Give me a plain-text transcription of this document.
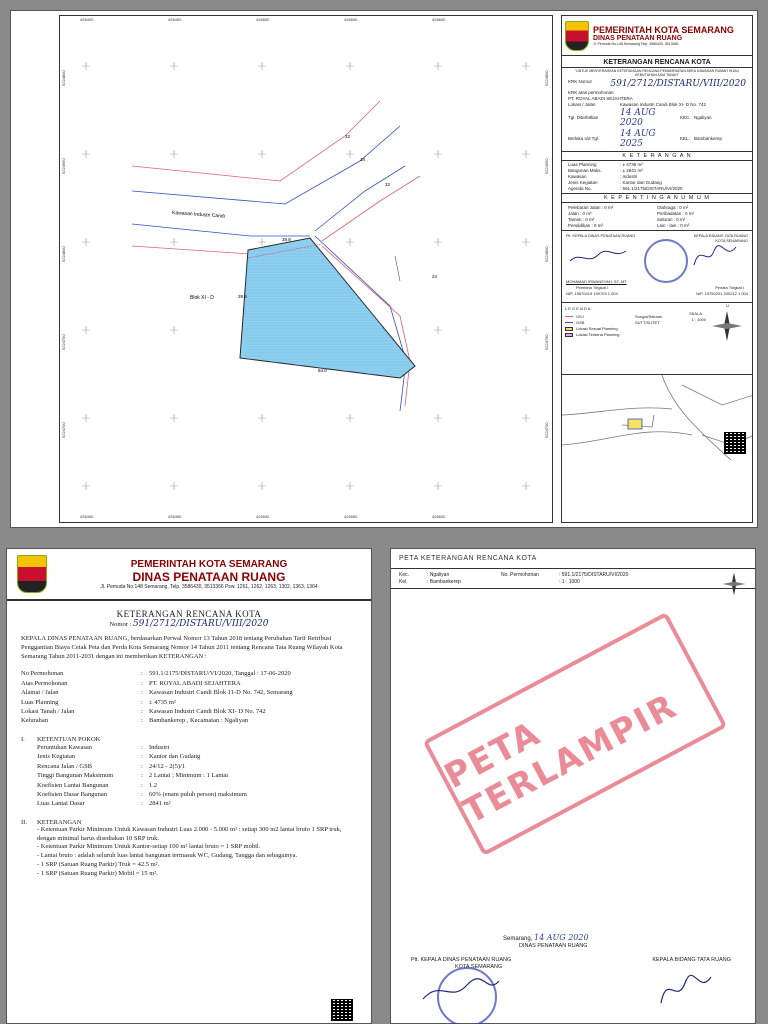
Kawasan Industri Candi
Blok XI - D
32
34
32
39.6
39.8
94.0
24
426400	426450	426500	426550	426600
426400	426450	426500	426550	426600
9224800
9224950
9224800
9224750
9224700
9224800
9224950
9224800
9224750
9224700
PEMERINTAH KOTA SEMARANG
DINAS PENATAAN RUANG
Jl. Pemuda No.148 Semarang Telp. 3586430, 3513366
KETERANGAN RENCANA KOTA
"UNTUK MENYERAHKAN KETERANGAN RENCANA PEMANFAATAN AREA KAWASAN RUMAH HIJAU KEBUTUHAN ASIA TANAH"
KRK Nomor	591/2712/DISTARU/VIII/2020
KRK atas permohonan
PT. ROYAL ABADI SEJAHTERA
Lokasi / Jalan	Kawasan Industri Candi Blok XI- D No. 742
Tgl. Diterbitkan	14 AUG 2020	KEC. Ngaliyan
Berlaku s/d Tgl.	14 AUG 2025	KEL. Bambankerep
K E T E R A N G A N
Luas Planning	: ± 4735 m²
Bangunan Maks.	: ± 2841 m²
Kawasan	: Industri
Jenis Kegiatan	: Kantor dan Gudang
Agenda No.	: 591.1/2175/DISTARU/VI/2020
K E P E N T I N G A N U M U M
Pelebaran Jalan : 0 m²	Olahraga : 0 m²
Jalan : 0 m²	Peribadatan : 0 m²
Taman : 0 m²	Saluran : 0 m²
Pendidikan : 0 m²	Lain - lain : 0 m²
Plt. KEPALA DINAS PENATAAN RUANG	KEPALA BIDANG TATA RUANG
KOTA SEMARANG
MOHAMAD IRWANSYAH, ST, MT
Pembina Tingkat I
NIP. 19670419 199703 1 003
Penata Tingkat I
NIP. 19750201 200212 1 004
L E G E N D A :
GSJ
GSB
Lokasi Sesuai Planning
Lokasi Terkena Planning
Sungai/Saluran
SUTT/SUTET
SKALA
1 : 1000
U
PEMERINTAH KOTA SEMARANG
DINAS PENATAAN RUANG
Jl. Pemuda No.148 Semarang, Telp. 3586430, 3513366 Psw. 1261, 1262, 1263, 1302, 1363, 1364
KETERANGAN RENCANA KOTA
Nomor : 591/2712/DISTARU/VIII/2020
KEPALA DINAS PENATAAN RUANG, berdasarkan Perwal Nomor 13 Tahun 2018 tentang Perubahan Tarif Retribusi Penggantian Biaya Cetak Peta dan Perda Kota Semarang Nomor 14 Tahun 2011 tentang Rencana Tata Ruang Wilayah Kota Semarang Tahun 2011-2031 dengan ini memberikan KETERANGAN :
No Permohonan	: 591.1/2175/DISTARU/VI/2020, Tanggal : 17-06-2020
Atas Permohonan	: PT. ROYAL ABADI SEJAHTERA
Alamat / Jalan	: Kawasan Industri Candi Blok 11-D No. 742, Semarang
Luas Planning	: ± 4735 m²
Lokasi Tanah / Jalan	: Kawasan Industri Candi Blok XI- D No. 742
Kelurahan	: Bambankerep , Kecamatan : Ngaliyan
I.	KETENTUAN POKOK
Peruntukan Kawasan	: Industri
Jenis Kegiatan	: Kantor dan Gudang
Rencana Jalan / GSB	: 24/12 - 2(5)/1
Tinggi Bangunan Maksimum	: 2 Lantai ; Minimum : 1 Lantai
Koefisien Lantai Bangunan	: 1.2
Koefisien Dasar Bangunan	: 60% (enam puluh person) maksimum
Luas Lantai Dasar	: 2841 m²
II.	KETERANGAN
- Ketentuan Parkir Minimum Untuk Kawasan Industri Luas 2.000 - 5.000 m² : setiap 300 m2 lantai bruto 1 SRP truk, dengan minimal harus disediakan 10 SRP truk.
- Ketentuan Parkir Minimum Untuk Kantor-setiap 100 m² lantai bruto = 1 SRP mobil.
- Lantai bruto : adalah seluruh luas lantai bangunan termasuk WC, Gudang, Tangga dan sebagainya.
- 1 SRP (Satuan Ruang Parkir) Truk = 42.5 m².
- 1 SRP (Satuan Ruang Parkir) Mobil = 15 m².
PETA KETERANGAN RENCANA KOTA
Kec.	: Ngaliyan	No. Permohonan	: 591.1/2175/DISTARU/VI/2020
Kel.	: Bambankerep	: 1 : 1000
PETA TERLAMPIR
Semarang, 14 AUG 2020
DINAS PENATAAN RUANG
Plt. KEPALA DINAS PENATAAN RUANG
KOTA SEMARANG
KEPALA BIDANG TATA RUANG
